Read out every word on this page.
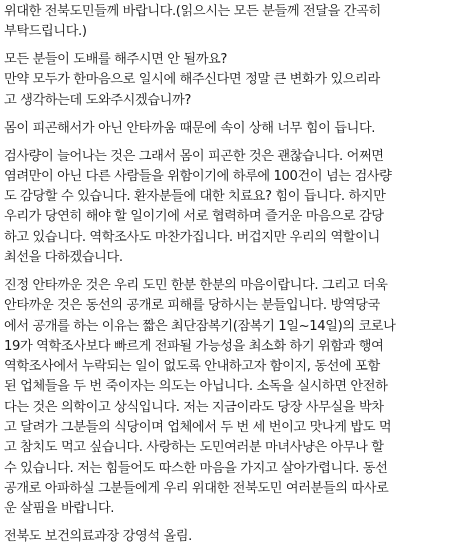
위대한 전북도민들께 바랍니다.(읽으시는 모든 분들께 전달을 간곡히
부탁드립니다.)
모든 분들이 도배를 해주시면 안 될까요?
만약 모두가 한마음으로 일시에 해주신다면 정말 큰 변화가 있으리라
고 생각하는데 도와주시겠습니까?
몸이 피곤해서가 아닌 안타까움 때문에 속이 상해 너무 힘이 듭니다.
검사량이 늘어나는 것은 그래서 몸이 피곤한 것은 괜찮습니다. 어쩌면
염려만이 아닌 다른 사람들을 위함이기에 하루에 100건이 넘는 검사량
도 감당할 수 있습니다. 환자분들에 대한 치료요? 힘이 듭니다. 하지만
우리가 당연히 해야 할 일이기에 서로 협력하며 즐거운 마음으로 감당
하고 있습니다. 역학조사도 마찬가집니다. 버겁지만 우리의 역할이니
최선을 다하겠습니다.
진정 안타까운 것은 우리 도민 한분 한분의 마음이랍니다. 그리고 더욱
안타까운 것은 동선의 공개로 피해를 당하시는 분들입니다. 방역당국
에서 공개를 하는 이유는 짧은 최단잠복기(잠복기 1일~14일)의 코로나
19가 역학조사보다 빠르게 전파될 가능성을 최소화 하기 위함과 행여
역학조사에서 누락되는 일이 없도록 안내하고자 함이지, 동선에 포함
된 업체들을 두 번 죽이자는 의도는 아닙니다. 소독을 실시하면 안전하
다는 것은 의학이고 상식입니다. 저는 지금이라도 당장 사무실을 박차
고 달려가 그분들의 식당이며 업체에서 두 번 세 번이고 맛나게 밥도 먹
고 참치도 먹고 싶습니다. 사랑하는 도민여러분 마녀사냥은 아무나 할
수 있습니다. 저는 힘들어도 따스한 마음을 가지고 살아가렵니다. 동선
공개로 아파하실 그분들에게 우리 위대한 전북도민 여러분들의 따사로
운 살핌을 바랍니다.
전북도 보건의료과장 강영석 올림.
